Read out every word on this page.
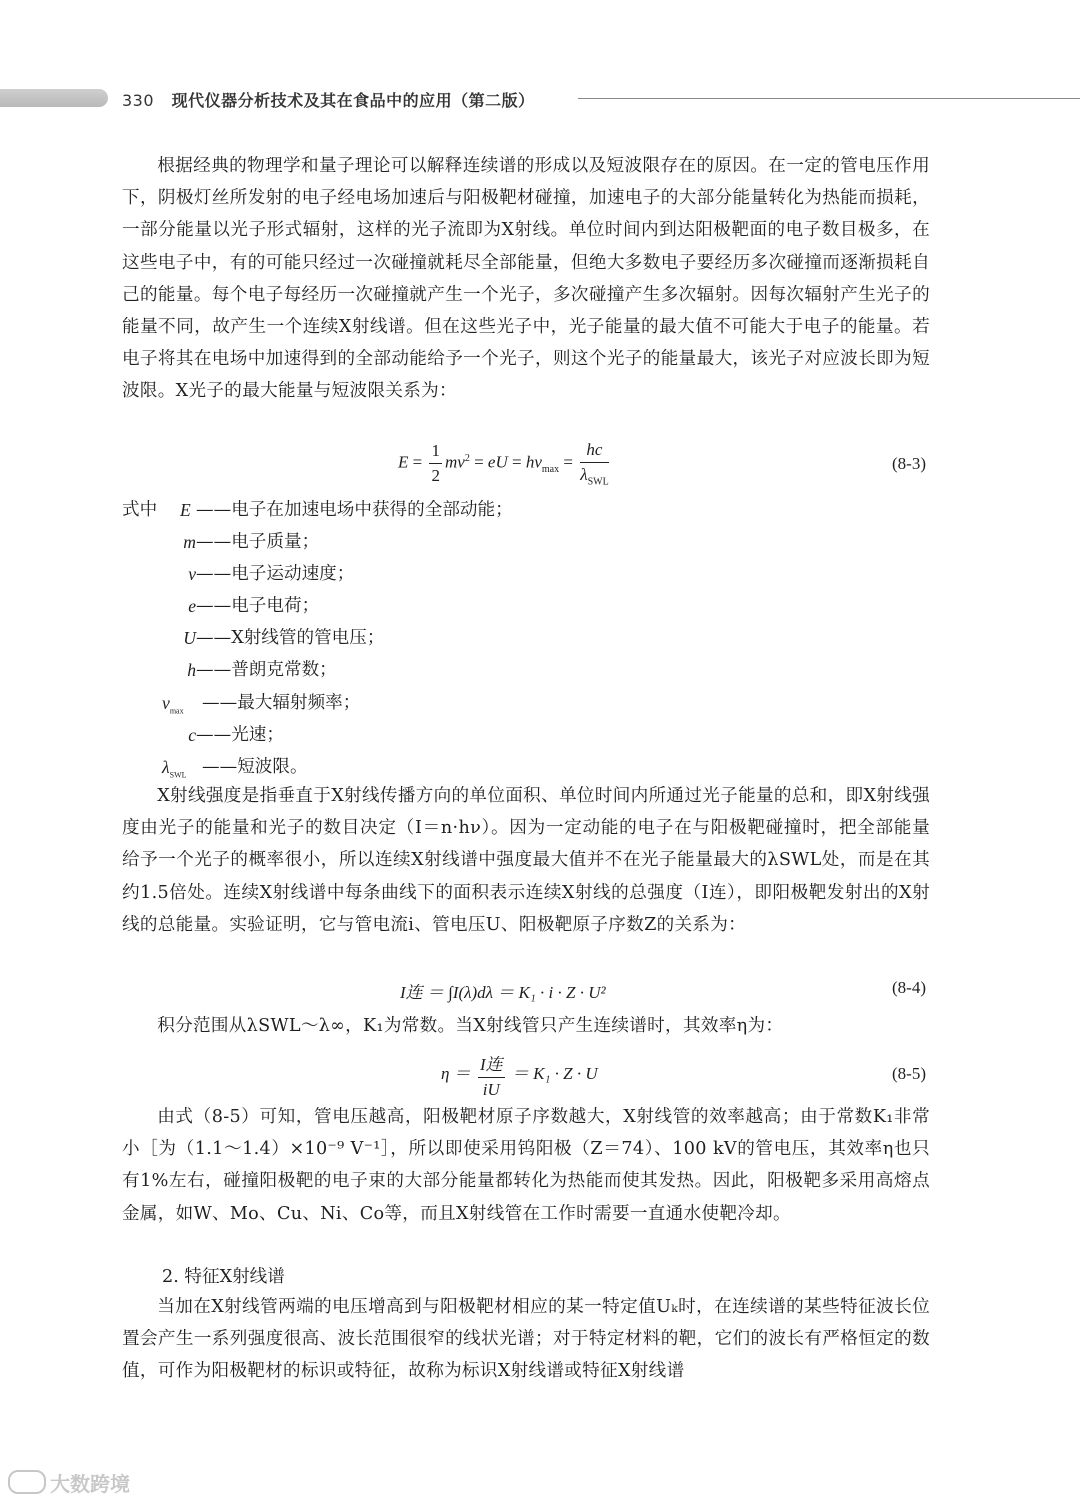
330 现代仪器分析技术及其在食品中的应用（第二版）
根据经典的物理学和量子理论可以解释连续谱的形成以及短波限存在的原因。在一定的管电压作用下，阴极灯丝所发射的电子经电场加速后与阳极靶材碰撞，加速电子的大部分能量转化为热能而损耗，一部分能量以光子形式辐射，这样的光子流即为X射线。单位时间内到达阳极靶面的电子数目极多，在这些电子中，有的可能只经过一次碰撞就耗尽全部能量，但绝大多数电子要经历多次碰撞而逐渐损耗自己的能量。每个电子每经历一次碰撞就产生一个光子，多次碰撞产生多次辐射。因每次辐射产生光子的能量不同，故产生一个连续X射线谱。但在这些光子中，光子能量的最大值不可能大于电子的能量。若电子将其在电场中加速得到的全部动能给予一个光子，则这个光子的能量最大，该光子对应波长即为短波限。X光子的最大能量与短波限关系为：
$E = \frac{1}{2} mv^2$ = eU = $h\nu_{max} = \frac{hc}{\lambda_{SWL}}$	(8-3)
式中 E ——电子在加速电场中获得的全部动能；
m ——电子质量；
v ——电子运动速度；
e ——电子电荷；
U ——X射线管的管电压；
h ——普朗克常数；
$\nu_{max}$	——最大辐射频率；
c ——光速；
$\lambda_{SWL}$ ——短波限。
X射线强度是指垂直于X射线传播方向的单位面积、单位时间内所通过光子能量的总和，即X射线强度由光子的能量和光子的数目决定（I＝n·hν）。因为一定动能的电子在与阳极靶碰撞时，把全部能量给予一个光子的概率很小，所以连续X射线谱中强度最大值并不在光子能量最大的λSWL处，而是在其约1.5倍处。连续X射线谱中每条曲线下的面积表示连续X射线的总强度（I连），即阳极靶发射出的X射线的总能量。实验证明，它与管电流i、管电压U、阳极靶原子序数Z的关系为：
I连 ＝ ∫I(λ)dλ ＝ K₁ · i · Z · U²	(8-4)
积分范围从λSWL～λ∞，K₁为常数。当X射线管只产生连续谱时，其效率η为：
$\eta = \frac{\text{I连}}{iU} = K_1 \cdot Z \cdot U$	(8-5)
由式（8-5）可知，管电压越高，阳极靶材原子序数越大，X射线管的效率越高；由于常数K₁非常小［为（1.1～1.4）×10⁻⁹ V⁻¹］，所以即使采用钨阳极（Z＝74）、100 kV的管电压，其效率η也只有1%左右，碰撞阳极靶的电子束的大部分能量都转化为热能而使其发热。因此，阳极靶多采用高熔点金属，如W、Mo、Cu、Ni、Co等，而且X射线管在工作时需要一直通水使靶冷却。
2. 特征X射线谱
当加在X射线管两端的电压增高到与阳极靶材相应的某一特定值Uₖ时，在连续谱的某些特征波长位置会产生一系列强度很高、波长范围很窄的线状光谱；对于特定材料的靶，它们的波长有严格恒定的数值，可作为阳极靶材的标识或特征，故称为标识X射线谱或特征X射线谱
大数跨境
